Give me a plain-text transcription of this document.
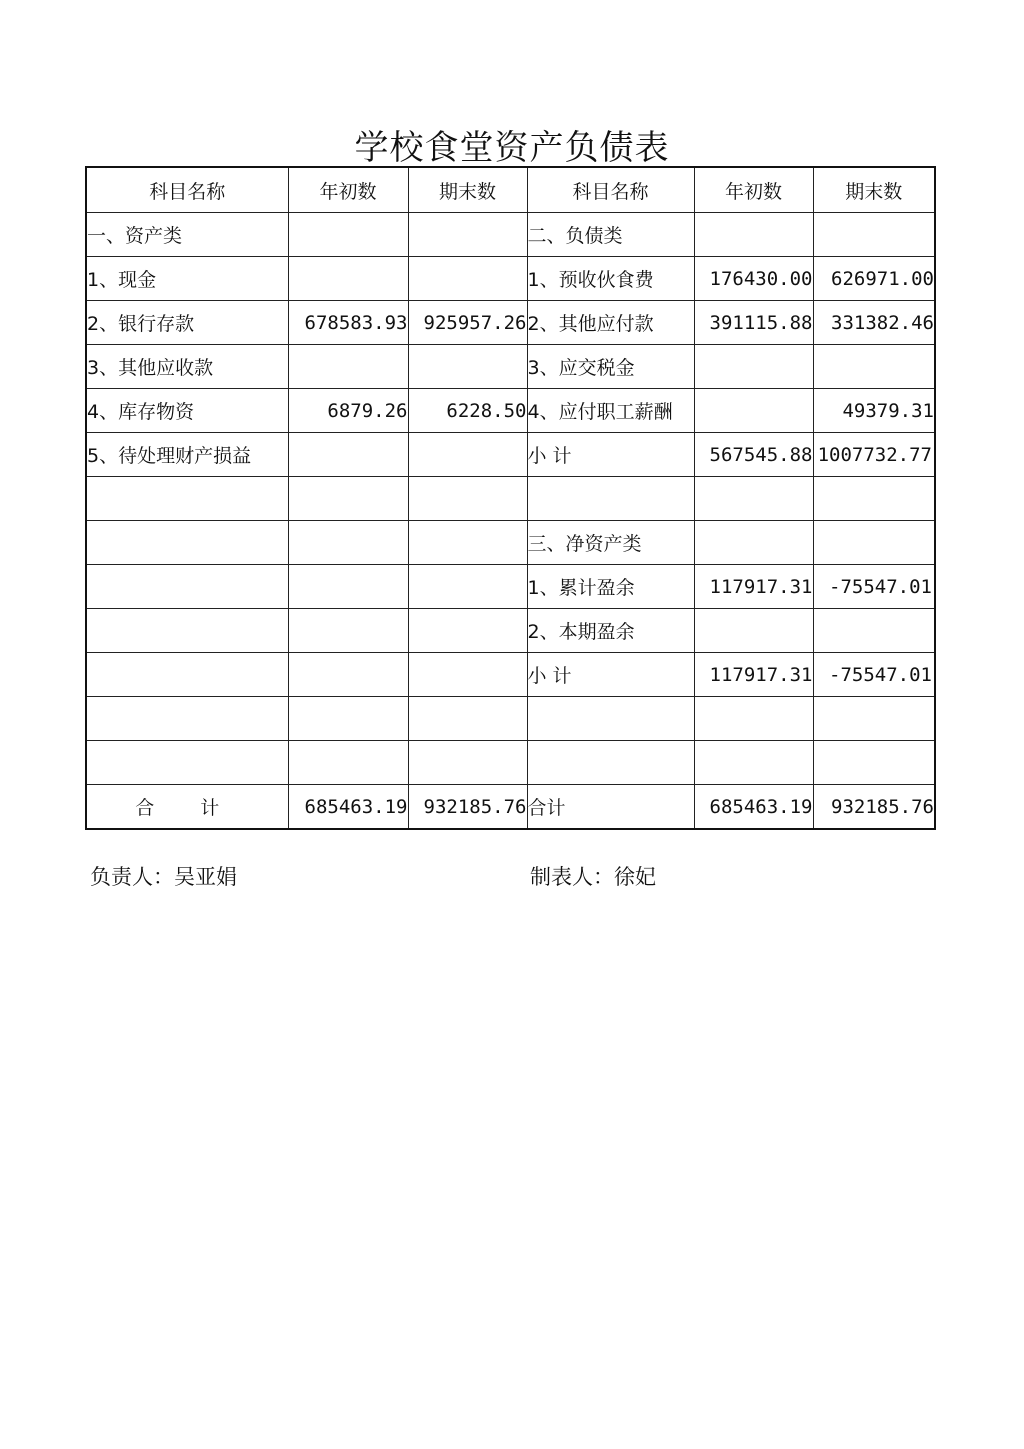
学校食堂资产负债表
科目名称	年初数	期末数	科目名称	年初数	期末数
一、资产类			二、负债类		
1、现金			1、预收伙食费	176430.00	626971.00
2、银行存款	678583.93	925957.26	2、其他应付款	391115.88	331382.46
3、其他应收款			3、应交税金		
4、库存物资	6879.26	6228.50	4、应付职工薪酬		49379.31
5、待处理财产损益			小 计	567545.88	1007732.77

			三、净资产类		
			1、累计盈余	117917.31	-75547.01
			2、本期盈余		
			小 计	117917.31	-75547.01

合 计	685463.19	932185.76	合计	685463.19	932185.76
负责人：吴亚娟	制表人：徐妃
